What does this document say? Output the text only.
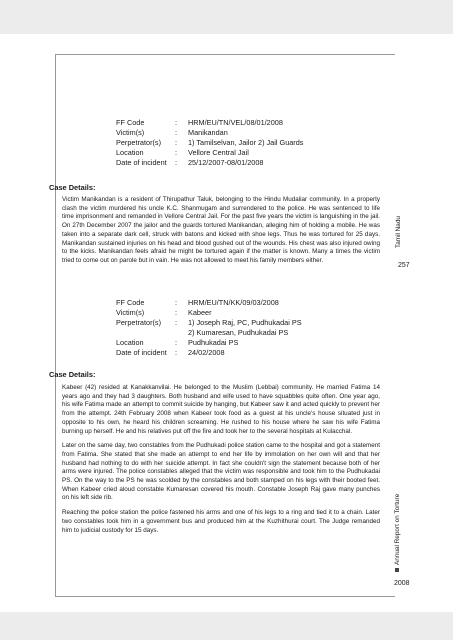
FF Code	:	HRM/EU/TN/VEL/08/01/2008
Victim(s)	:	Manikandan
Perpetrator(s)	:	1) Tamilselvan, Jailor 2) Jail Guards
Location	:	Vellore Central Jail
Date of incident	:	25/12/2007-08/01/2008
Case Details:

Victim Manikandan is a resident of Thirupathur Taluk, belonging to the Hindu Mudaliar community. In a property clash the victim murdered his uncle K.C. Shanmugam and surrendered to the police. He was sentenced to life time imprisonment and remanded in Vellore Central Jail. For the past five years the victim is languishing in the jail. On 27th December 2007 the jailor and the guards tortured Manikandan, alleging him of holding a mobile. He was taken into a separate dark cell, struck with batons and kicked with shoe legs. Thus he was tortured for 25 days. Manikandan sustained injuries on his head and blood gushed out of the wounds. His chest was also injured owing to the kicks. Manikandan feels afraid he might be tortured again if the matter is known. Many a times the victim tried to come out on parole but in vain. He was not allowed to meet his family members either.

FF Code	:	HRM/EU/TN/KK/09/03/2008
Victim(s)	:	Kabeer
Perpetrator(s)	:	1) Joseph Raj, PC, Pudhukadai PS
2) Kumaresan, Pudhukadai PS
Location	:	Pudhukadai PS
Date of incident	:	24/02/2008
Case Details:

Kabeer (42) resided at Kanakkanvilai. He belonged to the Muslim (Lebbai) community. He married Fatima 14 years ago and they had 3 daughters. Both husband and wife used to have squabbles quite often. One year ago, his wife Fatima made an attempt to commit suicide by hanging, but Kabeer saw it and acted quickly to prevent her from the attempt. 24th February 2008 when Kabeer took food as a guest at his uncle's house situated just in opposite to his own, he heard his children screaming. He rushed to his house where he saw his wife Fatima burning up herself. He and his relatives put off the fire and took her to the several hospitals at Kulacchal.

Later on the same day, two constables from the Pudhukadi police station came to the hospital and got a statement from Fatima. She stated that she made an attempt to end her life by immolation on her own will and that her husband had nothing to do with her suicide attempt. In fact she couldn't sign the statement because both of her arms were injured. The police constables alleged that the victim was responsible and took him to the Pudhukadai PS. On the way to the PS he was scolded by the constables and both stamped on his legs with their booted feet. When Kabeer cried aloud constable Kumaresan covered his mouth. Constable Joseph Raj gave many punches on his left side rib.

Reaching the police station the police fastened his arms and one of his legs to a ring and tied it to a chain. Later two constables took him in a government bus and produced him at the Kuzhithurai court. The Judge remanded him to judicial custody for 15 days.

Tamil Nadu
257
Annual Report on Torture
2008
